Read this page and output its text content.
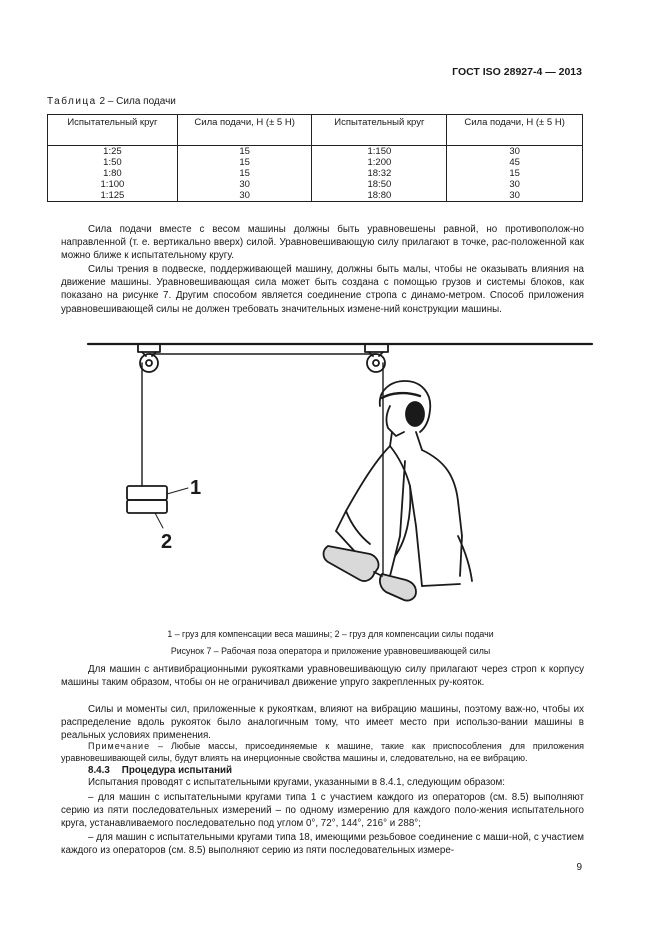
ГОСТ ISO 28927-4 — 2013
Таблица 2 – Сила подачи
Испытательный круг	Сила подачи, Н (± 5 Н)	Испытательный круг	Сила подачи, Н (± 5 Н)
1:25	15	1:150	30
1:50	15	1:200	45
1:80	15	18:32	15
1:100	30	18:50	30
1:125	30	18:80	30
Сила подачи вместе с весом машины должны быть уравновешены равной, но противополож-но направленной (т. е. вертикально вверх) силой. Уравновешивающую силу прилагают в точке, рас-положенной как можно ближе к испытательному кругу.
Силы трения в подвеске, поддерживающей машину, должны быть малы, чтобы не оказывать влияния на движение машины. Уравновешивающая сила может быть создана с помощью грузов и системы блоков, как показано на рисунке 7. Другим способом является соединение стропа с динамо-метром. Способ приложения уравновешивающей силы не должен требовать значительных измене-ний конструкции машины.
1
2
1 – груз для компенсации веса машины; 2 – груз для компенсации силы подачи
Рисунок 7 – Рабочая поза оператора и приложение уравновешивающей силы
Для машин с антивибрационными рукоятками уравновешивающую силу прилагают через строп к корпусу машины таким образом, чтобы он не ограничивал движение упруго закрепленных ру-кояток.
Силы и моменты сил, приложенные к рукояткам, влияют на вибрацию машины, поэтому важ-но, чтобы их распределение вдоль рукояток было аналогичным тому, что имеет место при использо-вании машины в реальных условиях применения.
Примечание – Любые массы, присоединяемые к машине, такие как приспособления для приложения уравновешивающей силы, будут влиять на инерционные свойства машины и, следовательно, на ее вибрацию.
8.4.3 Процедура испытаний
Испытания проводят с испытательными кругами, указанными в 8.4.1, следующим образом:
– для машин с испытательными кругами типа 1 с участием каждого из операторов (см. 8.5) выполняют серию из пяти последовательных измерений – по одному измерению для каждого поло-жения испытательного круга, устанавливаемого последовательно под углом 0°, 72°, 144°, 216° и 288°;
– для машин с испытательными кругами типа 18, имеющими резьбовое соединение с маши-ной, с участием каждого из операторов (см. 8.5) выполняют серию из пяти последовательных измере-
9
